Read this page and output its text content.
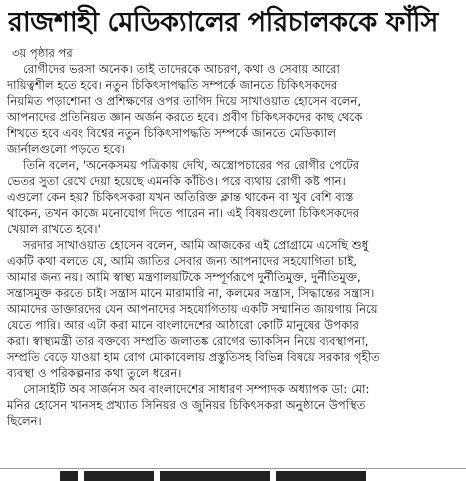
রাজশাহী মেডিক্যালের পরিচালককে ফাঁসি
৩য় পৃষ্ঠার পর

রোগীদের ভরসা অনেক। তাই তাদেরকে আচরণ, কথা ও সেবায় আরো
দায়িত্বশীল হতে হবে। নতুন চিকিৎসাপদ্ধতি সম্পর্কে জানতে চিকিৎসকদের
নিয়মিত পড়াশোনা ও প্রশিক্ষণের ওপর তাগিদ দিয়ে সাখাওয়াত হোসেন বলেন,
আপনাদের প্রতিনিয়ত জ্ঞান অর্জন করতে হবে। প্রবীণ চিকিৎসকদের কাছ থেকে
শিখতে হবে এবং বিশ্বের নতুন চিকিৎসাপদ্ধতি সম্পর্কে জানতে মেডিক্যাল
জার্নালগুলো পড়তে হবে।

তিনি বলেন, 'অনেকসময় পত্রিকায় দেখি, অস্ত্রোপচারের পর রোগীর পেটের
ভেতর সুতা রেখে দেয়া হয়েছে এমনকি কাঁচিও। পরে ব্যথায় রোগী কষ্ট পান।
এগুলো কেন হয়? চিকিৎসকরা যখন অতিরিক্ত ক্লান্ত থাকেন বা খুব বেশি ব্যস্ত
থাকেন, তখন কাজে মনোযোগ দিতে পারেন না। এই বিষয়গুলো চিকিৎসকদের
খেয়াল রাখতে হবে।'

সরদার সাখাওয়াত হোসেন বলেন, আমি আজকের এই প্রোগ্রামে এসেছি শুধু
একটি কথা বলতে যে, আমি জাতির সেবার জন্য আপনাদের সহযোগিতা চাই,
আমার জন্য নয়। আমি স্বাস্থ্য মন্ত্রণালয়টিকে সম্পূর্ণরূপে দুর্নীতিমুক্ত, দুর্নীতিমুক্ত,
সন্ত্রাসমুক্ত করতে চাই। সন্ত্রাস মানে মারামারি না, কলমের সন্ত্রাস, সিদ্ধান্তের সন্ত্রাস।
আমাদের ডাক্তারদের যেন আপনাদের সহযোগিতায় একটি সম্মানিত জায়গায় নিয়ে
যেতে পারি। আর এটা করা মানে বাংলাদেশের আঠারো কোটি মানুষের উপকার
করা। স্বাস্থ্যমন্ত্রী তার বক্তব্যে সম্প্রতি জলাতঙ্ক রোগের ভ্যাকসিন নিয়ে ব্যবস্থাপনা,
সম্প্রতি বেড়ে যাওয়া হাম রোগ মোকাবেলায় প্রস্তুতিসহ বিভিন্ন বিষয়ে সরকার গৃহীত
ব্যবস্থা ও পরিকল্পনার কথা তুলে ধরেন।

সোসাইটি অব সার্জনস অব বাংলাদেশের সাধারণ সম্পাদক অধ্যাপক ডা: মো:
মনির হোসেন খানসহ প্রখ্যাত সিনিয়র ও জুনিয়র চিকিৎসকরা অনুষ্ঠানে উপস্থিত
ছিলেন।
